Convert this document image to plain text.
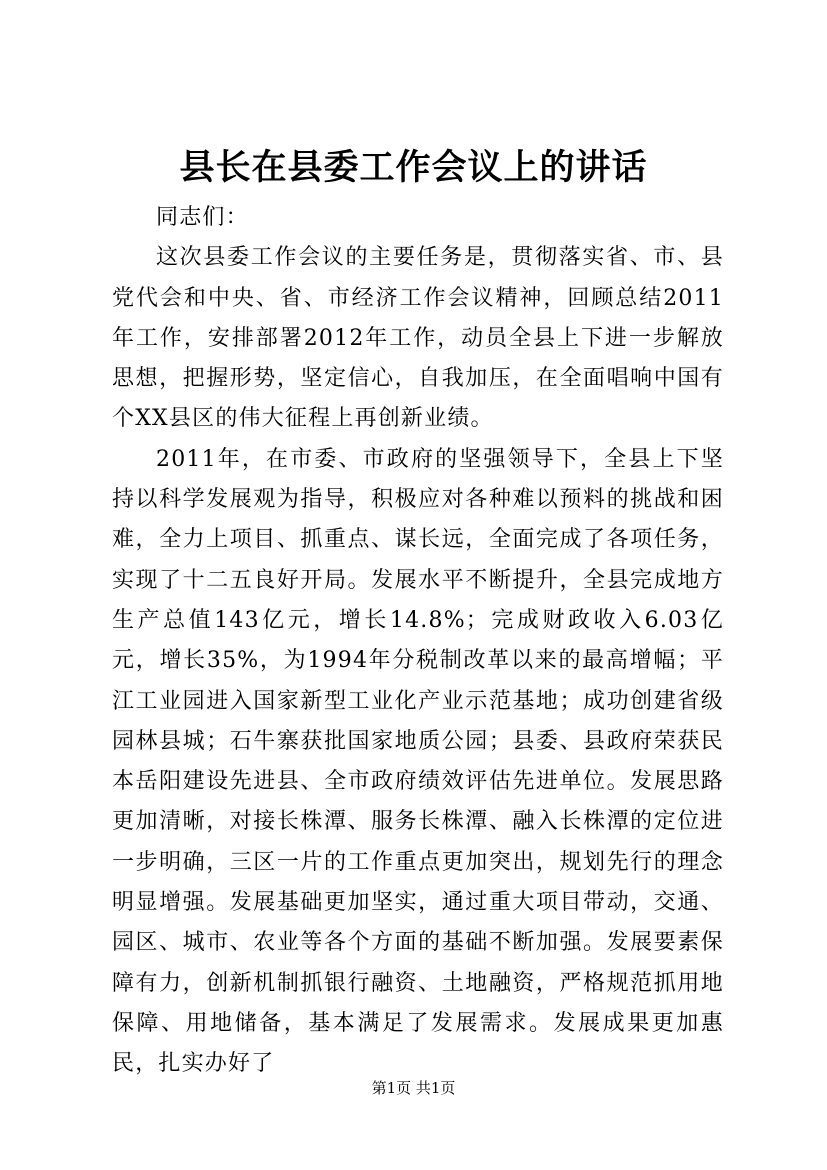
县长在县委工作会议上的讲话

同志们：

这次县委工作会议的主要任务是，贯彻落实省、市、县党代会和中央、省、市经济工作会议精神，回顾总结2011年工作，安排部署2012年工作，动员全县上下进一步解放思想，把握形势，坚定信心，自我加压，在全面唱响中国有个XX县区的伟大征程上再创新业绩。

2011年，在市委、市政府的坚强领导下，全县上下坚持以科学发展观为指导，积极应对各种难以预料的挑战和困难，全力上项目、抓重点、谋长远，全面完成了各项任务，实现了十二五良好开局。发展水平不断提升，全县完成地方生产总值143亿元，增长14.8%；完成财政收入6.03亿元，增长35%，为1994年分税制改革以来的最高增幅；平江工业园进入国家新型工业化产业示范基地；成功创建省级园林县城；石牛寨获批国家地质公园；县委、县政府荣获民本岳阳建设先进县、全市政府绩效评估先进单位。发展思路更加清晰，对接长株潭、服务长株潭、融入长株潭的定位进一步明确，三区一片的工作重点更加突出，规划先行的理念明显增强。发展基础更加坚实，通过重大项目带动，交通、园区、城市、农业等各个方面的基础不断加强。发展要素保障有力，创新机制抓银行融资、土地融资，严格规范抓用地保障、用地储备，基本满足了发展需求。发展成果更加惠民，扎实办好了

第1页 共1页
